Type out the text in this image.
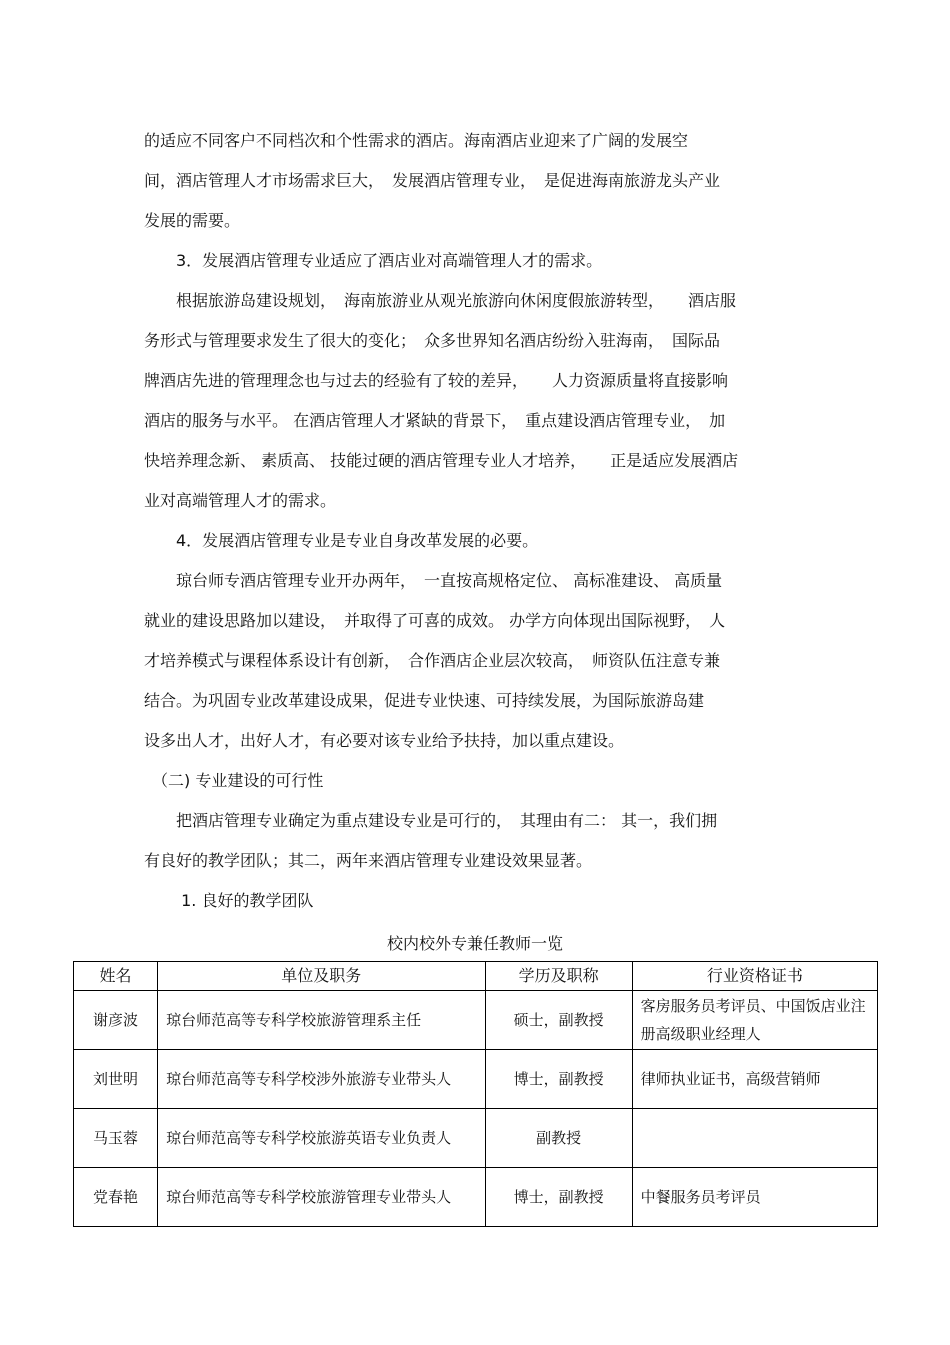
的适应不同客户不同档次和个性需求的酒店。海南酒店业迎来了广阔的发展空
间，酒店管理人才市场需求巨大，　发展酒店管理专业，　是促进海南旅游龙头产业
发展的需要。
　　3．发展酒店管理专业适应了酒店业对高端管理人才的需求。
　　根据旅游岛建设规划，　海南旅游业从观光旅游向休闲度假旅游转型，　　酒店服
务形式与管理要求发生了很大的变化；　众多世界知名酒店纷纷入驻海南，　国际品
牌酒店先进的管理理念也与过去的经验有了较的差异，　　人力资源质量将直接影响
酒店的服务与水平。 在酒店管理人才紧缺的背景下，　重点建设酒店管理专业，　加
快培养理念新、 素质高、 技能过硬的酒店管理专业人才培养，　　正是适应发展酒店
业对高端管理人才的需求。
　　4．发展酒店管理专业是专业自身改革发展的必要。
　　琼台师专酒店管理专业开办两年，　一直按高规格定位、 高标准建设、 高质量
就业的建设思路加以建设，　并取得了可喜的成效。 办学方向体现出国际视野，　人
才培养模式与课程体系设计有创新，　合作酒店企业层次较高，　师资队伍注意专兼
结合。为巩固专业改革建设成果，促进专业快速、可持续发展，为国际旅游岛建
设多出人才，出好人才，有必要对该专业给予扶持，加以重点建设。
　（二) 专业建设的可行性
　　把酒店管理专业确定为重点建设专业是可行的，　其理由有二： 其一，我们拥
有良好的教学团队；其二，两年来酒店管理专业建设效果显著。
　　 1. 良好的教学团队
校内校外专兼任教师一览
姓名	单位及职务	学历及职称	行业资格证书
谢彦波	琼台师范高等专科学校旅游管理系主任	硕士，副教授	客房服务员考评员、中国饭店业注册高级职业经理人
刘世明	琼台师范高等专科学校涉外旅游专业带头人	博士，副教授	律师执业证书，高级营销师
马玉蓉	琼台师范高等专科学校旅游英语专业负责人	副教授	
党春艳	琼台师范高等专科学校旅游管理专业带头人	博士，副教授	中餐服务员考评员
